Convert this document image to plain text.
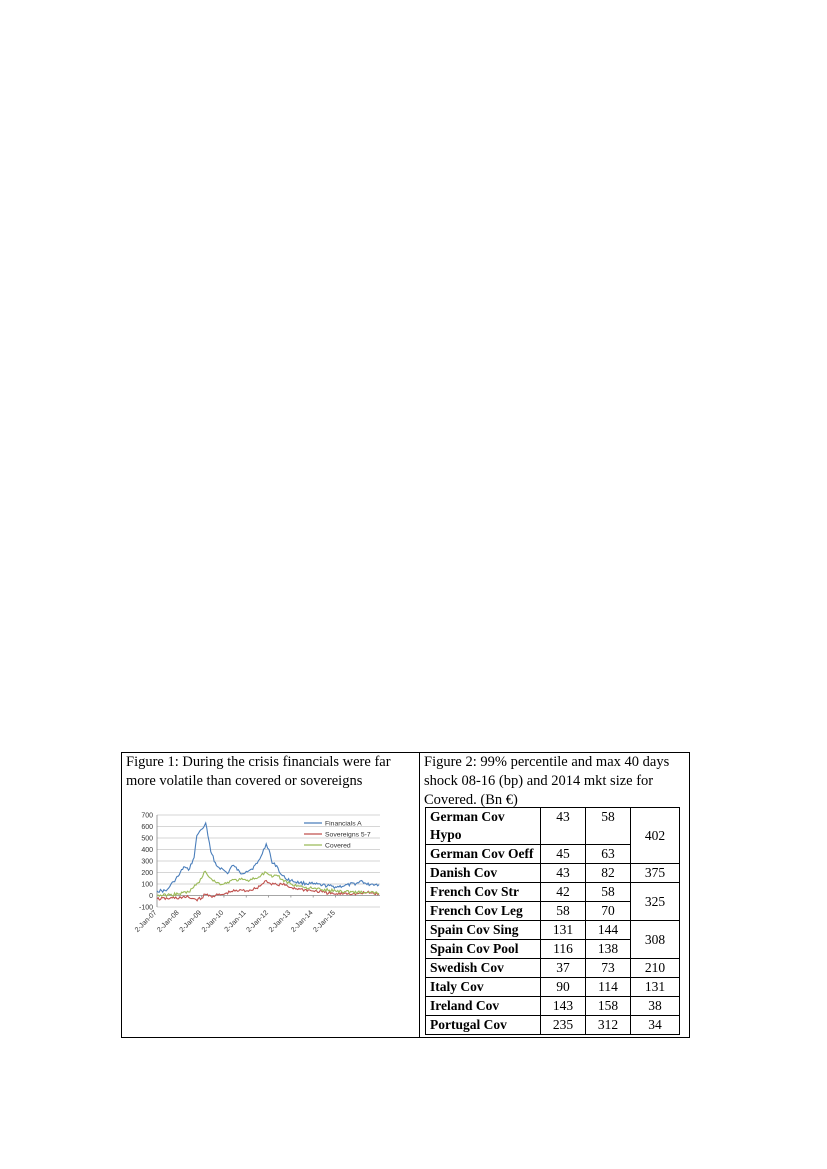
Figure 1: During the crisis financials were far more volatile than covered or sovereigns
700
600
500
400
300
200
100
0
-100
2-Jan-07
2-Jan-08
2-Jan-09
2-Jan-10
2-Jan-11
2-Jan-12
2-Jan-13
2-Jan-14
2-Jan-15
Financials A
Sovereigns 5-7
Covered
Figure 2: 99% percentile and max 40 days shock 08-16 (bp) and 2014 mkt size for Covered. (Bn €)
German Cov Hypo	43	58	402
German Cov Oeff	45	63	
Danish Cov	43	82	375
French Cov Str	42	58	325
French Cov Leg	58	70	
Spain Cov Sing	131	144	308
Spain Cov Pool	116	138	
Swedish Cov	37	73	210
Italy Cov	90	114	131
Ireland Cov	143	158	38
Portugal Cov	235	312	34
